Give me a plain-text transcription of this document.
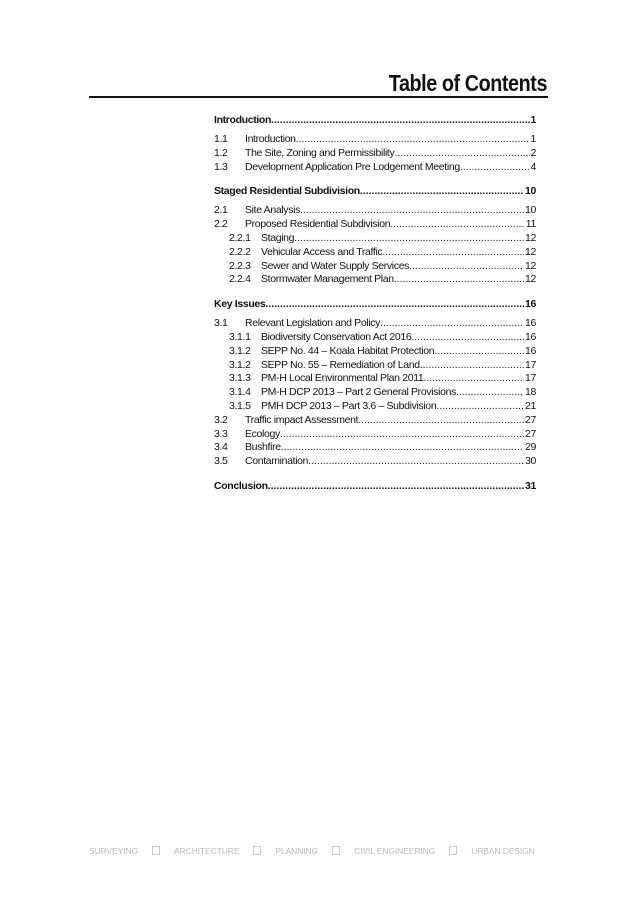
Table of Contents
Introduction .....	1
1.1	Introduction .....	1
1.2	The Site, Zoning and Permissibility .....	2
1.3	Development Application Pre Lodgement Meeting .....	4
Staged Residential Subdivision .....	10
2.1	Site Analysis .....	10
2.2	Proposed Residential Subdivision .....	11
2.2.1 Staging .....	12
2.2.2 Vehicular Access and Traffic .....	12
2.2.3 Sewer and Water Supply Services .....	12
2.2.4 Stormwater Management Plan .....	12
Key Issues .....	16
3.1	Relevant Legislation and Policy .....	16
3.1.1 Biodiversity Conservation Act 2016 .....	16
3.1.2 SEPP No. 44 – Koala Habitat Protection .....	16
3.1.2 SEPP No. 55 – Remediation of Land .....	17
3.1.3 PM-H Local Environmental Plan 2011 .....	17
3.1.4 PM-H DCP 2013 – Part 2 General Provisions .....	18
3.1.5 PMH DCP 2013 – Part 3.6 – Subdivision .....	21
3.2	Traffic impact Assessment .....	27
3.3	Ecology .....	27
3.4	Bushfire .....	29
3.5	Contamination .....	30
Conclusion .....	31
SURVEYING	ARCHITECTURE	PLANNING	CIVIL ENGINEERING	URBAN DESIGN
